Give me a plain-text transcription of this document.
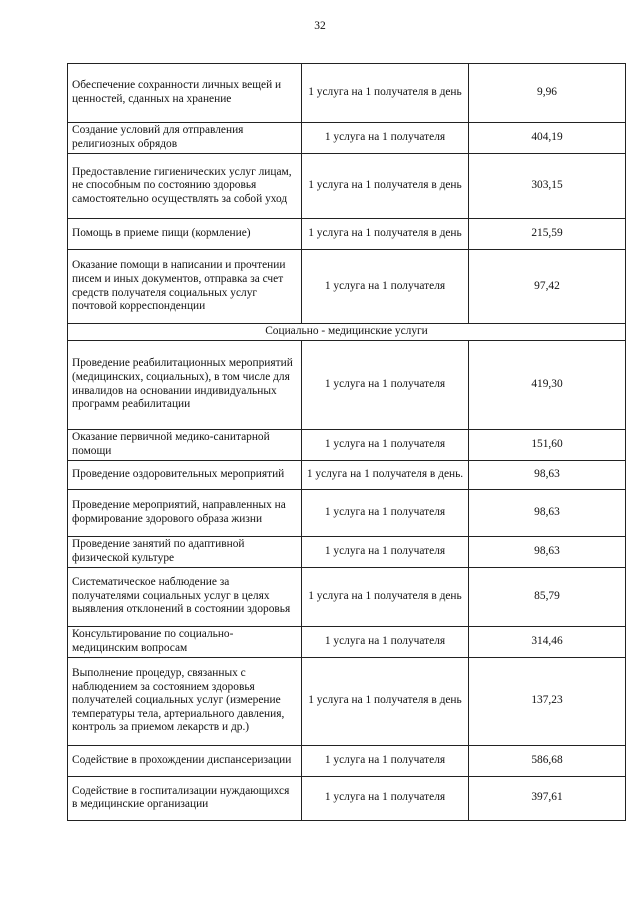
32
Обеспечение сохранности личных вещей и ценностей, сданных на хранение	1 услуга на 1 получателя в день	9,96
Создание условий для отправления религиозных обрядов	1 услуга на 1 получателя	404,19
Предоставление гигиенических услуг лицам, не способным по состоянию здоровья самостоятельно осуществлять за собой уход	1 услуга на 1 получателя в день	303,15
Помощь в приеме пищи (кормление)	1 услуга на 1 получателя в день	215,59
Оказание помощи в написании и прочтении писем и иных документов, отправка за счет средств получателя социальных услуг почтовой корреспонденции	1 услуга на 1 получателя	97,42
Социально - медицинские услуги		
Проведение реабилитационных мероприятий (медицинских, социальных), в том числе для инвалидов на основании индивидуальных программ реабилитации	1 услуга на 1 получателя	419,30
Оказание первичной медико-санитарной помощи	1 услуга на 1 получателя	151,60
Проведение оздоровительных мероприятий	1 услуга на 1 получателя в день.	98,63
Проведение мероприятий, направленных на формирование здорового образа жизни	1 услуга на 1 получателя	98,63
Проведение занятий по адаптивной физической культуре	1 услуга на 1 получателя	98,63
Систематическое наблюдение за получателями социальных услуг в целях выявления отклонений в состоянии здоровья	1 услуга на 1 получателя в день	85,79
Консультирование по социально-медицинским вопросам	1 услуга на 1 получателя	314,46
Выполнение процедур, связанных с наблюдением за состоянием здоровья получателей социальных услуг (измерение температуры тела, артериального давления, контроль за приемом лекарств и др.)	1 услуга на 1 получателя в день	137,23
Содействие в прохождении диспансеризации	1 услуга на 1 получателя	586,68
Содействие в госпитализации нуждающихся в медицинские организации	1 услуга на 1 получателя	397,61
